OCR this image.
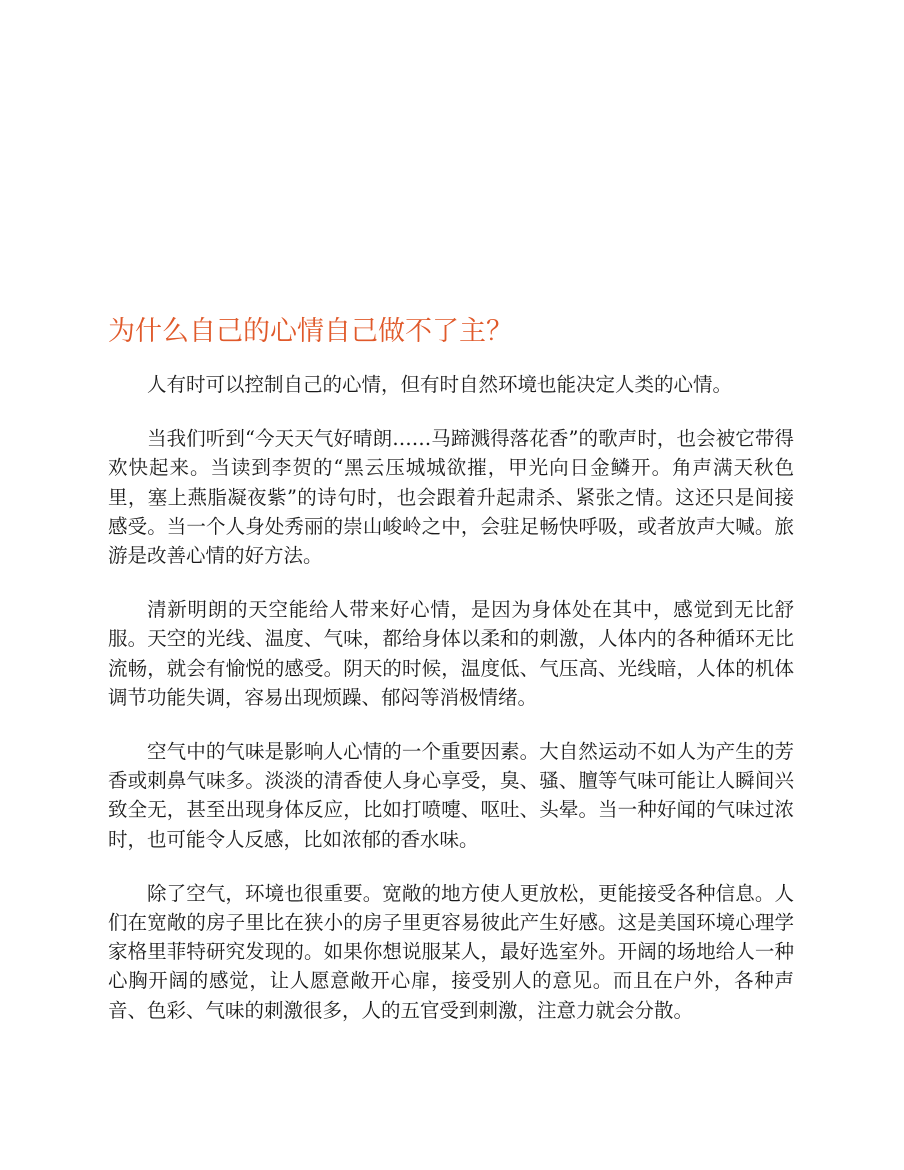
为什么自己的心情自己做不了主？

人有时可以控制自己的心情，但有时自然环境也能决定人类的心情。

当我们听到“今天天气好晴朗……马蹄溅得落花香”的歌声时，也会被它带得欢快起来。当读到李贺的“黑云压城城欲摧，甲光向日金鳞开。角声满天秋色里，塞上燕脂凝夜紫”的诗句时，也会跟着升起肃杀、紧张之情。这还只是间接感受。当一个人身处秀丽的崇山峻岭之中，会驻足畅快呼吸，或者放声大喊。旅游是改善心情的好方法。

清新明朗的天空能给人带来好心情，是因为身体处在其中，感觉到无比舒服。天空的光线、温度、气味，都给身体以柔和的刺激，人体内的各种循环无比流畅，就会有愉悦的感受。阴天的时候，温度低、气压高、光线暗，人体的机体调节功能失调，容易出现烦躁、郁闷等消极情绪。

空气中的气味是影响人心情的一个重要因素。大自然运动不如人为产生的芳香或刺鼻气味多。淡淡的清香使人身心享受，臭、骚、膻等气味可能让人瞬间兴致全无，甚至出现身体反应，比如打喷嚏、呕吐、头晕。当一种好闻的气味过浓时，也可能令人反感，比如浓郁的香水味。

除了空气，环境也很重要。宽敞的地方使人更放松，更能接受各种信息。人们在宽敞的房子里比在狭小的房子里更容易彼此产生好感。这是美国环境心理学家格里菲特研究发现的。如果你想说服某人，最好选室外。开阔的场地给人一种心胸开阔的感觉，让人愿意敞开心扉，接受别人的意见。而且在户外，各种声音、色彩、气味的刺激很多，人的五官受到刺激，注意力就会分散。
